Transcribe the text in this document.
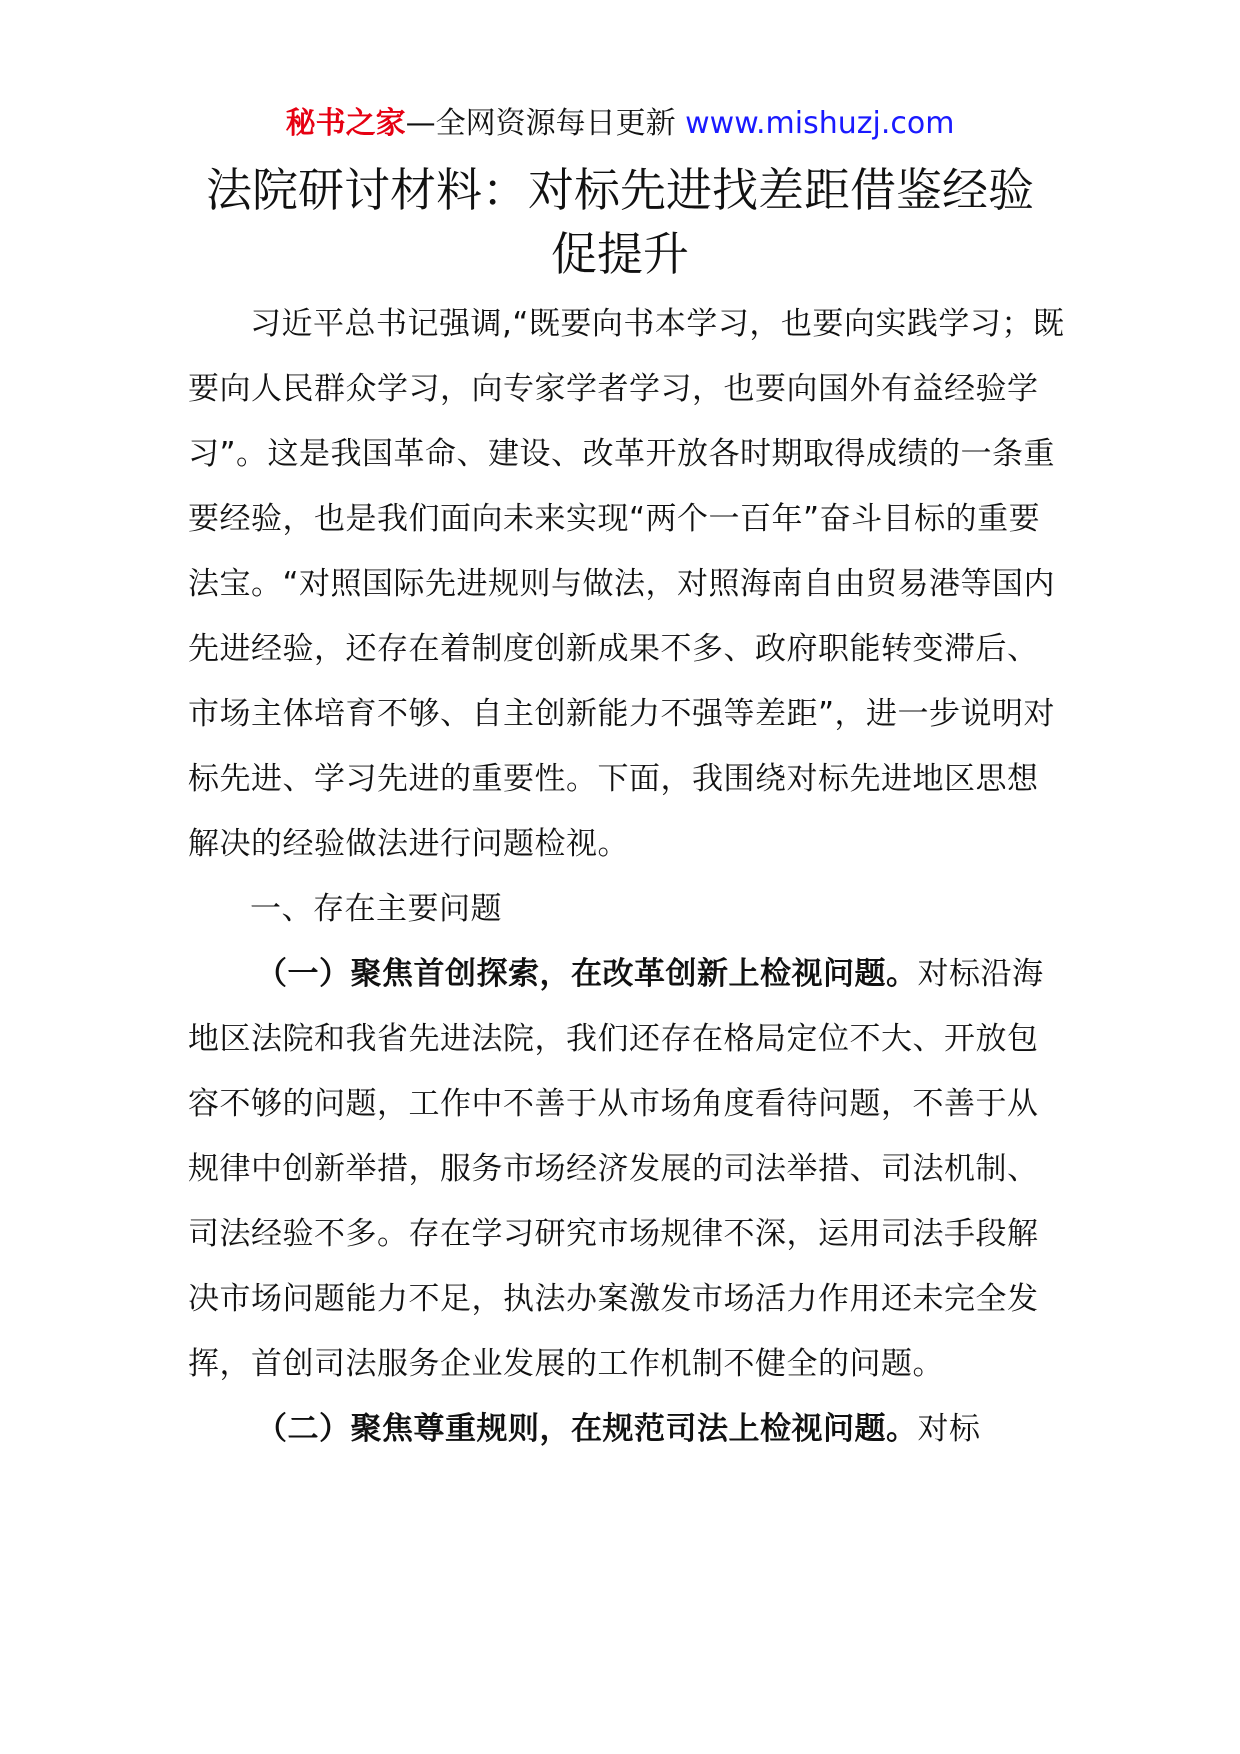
秘书之家—全网资源每日更新 www.mishuzj.com
法院研讨材料：对标先进找差距借鉴经验促提升

习近平总书记强调,“既要向书本学习，也要向实践学习；既要向人民群众学习，向专家学者学习，也要向国外有益经验学习”。这是我国革命、建设、改革开放各时期取得成绩的一条重要经验，也是我们面向未来实现“两个一百年”奋斗目标的重要法宝。“对照国际先进规则与做法，对照海南自由贸易港等国内先进经验，还存在着制度创新成果不多、政府职能转变滞后、市场主体培育不够、自主创新能力不强等差距”，进一步说明对标先进、学习先进的重要性。下面，我围绕对标先进地区思想解决的经验做法进行问题检视。

一、存在主要问题

（一）聚焦首创探索，在改革创新上检视问题。对标沿海地区法院和我省先进法院，我们还存在格局定位不大、开放包容不够的问题，工作中不善于从市场角度看待问题，不善于从规律中创新举措，服务市场经济发展的司法举措、司法机制、司法经验不多。存在学习研究市场规律不深，运用司法手段解决市场问题能力不足，执法办案激发市场活力作用还未完全发挥，首创司法服务企业发展的工作机制不健全的问题。

（二）聚焦尊重规则，在规范司法上检视问题。对标
